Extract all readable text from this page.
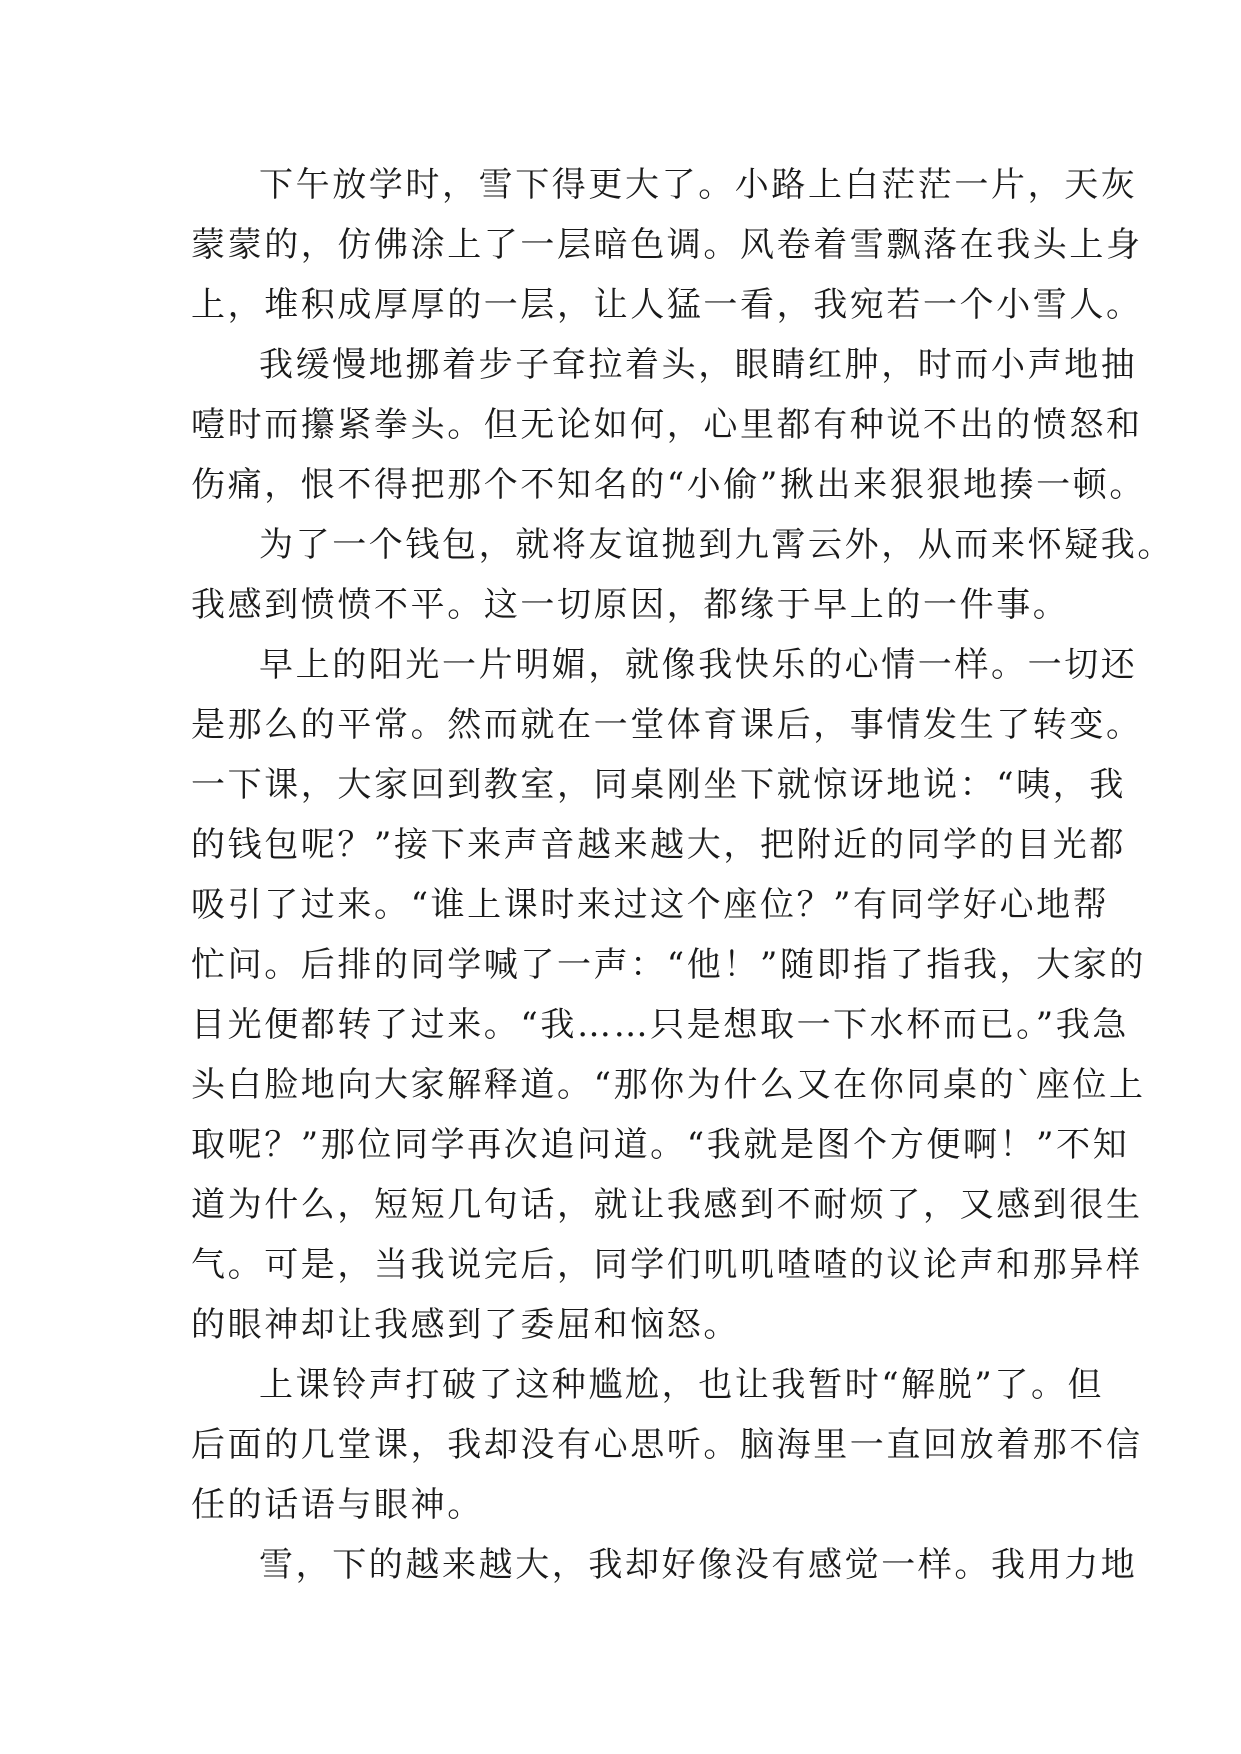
下午放学时，雪下得更大了。小路上白茫茫一片，天灰
蒙蒙的，仿佛涂上了一层暗色调。风卷着雪飘落在我头上身
上，堆积成厚厚的一层，让人猛一看，我宛若一个小雪人。
我缓慢地挪着步子耷拉着头，眼睛红肿，时而小声地抽
噎时而攥紧拳头。但无论如何，心里都有种说不出的愤怒和
伤痛，恨不得把那个不知名的“小偷”揪出来狠狠地揍一顿。
为了一个钱包，就将友谊抛到九霄云外，从而来怀疑我。
我感到愤愤不平。这一切原因，都缘于早上的一件事。
早上的阳光一片明媚，就像我快乐的心情一样。一切还
是那么的平常。然而就在一堂体育课后，事情发生了转变。
一下课，大家回到教室，同桌刚坐下就惊讶地说：“咦，我
的钱包呢？”接下来声音越来越大，把附近的同学的目光都
吸引了过来。“谁上课时来过这个座位？”有同学好心地帮
忙问。后排的同学喊了一声：“他！”随即指了指我，大家的
目光便都转了过来。“我……只是想取一下水杯而已。”我急
头白脸地向大家解释道。“那你为什么又在你同桌的`座位上
取呢？”那位同学再次追问道。“我就是图个方便啊！”不知
道为什么，短短几句话，就让我感到不耐烦了，又感到很生
气。可是，当我说完后，同学们叽叽喳喳的议论声和那异样
的眼神却让我感到了委屈和恼怒。
上课铃声打破了这种尴尬，也让我暂时“解脱”了。但
后面的几堂课，我却没有心思听。脑海里一直回放着那不信
任的话语与眼神。
雪，下的越来越大，我却好像没有感觉一样。我用力地
